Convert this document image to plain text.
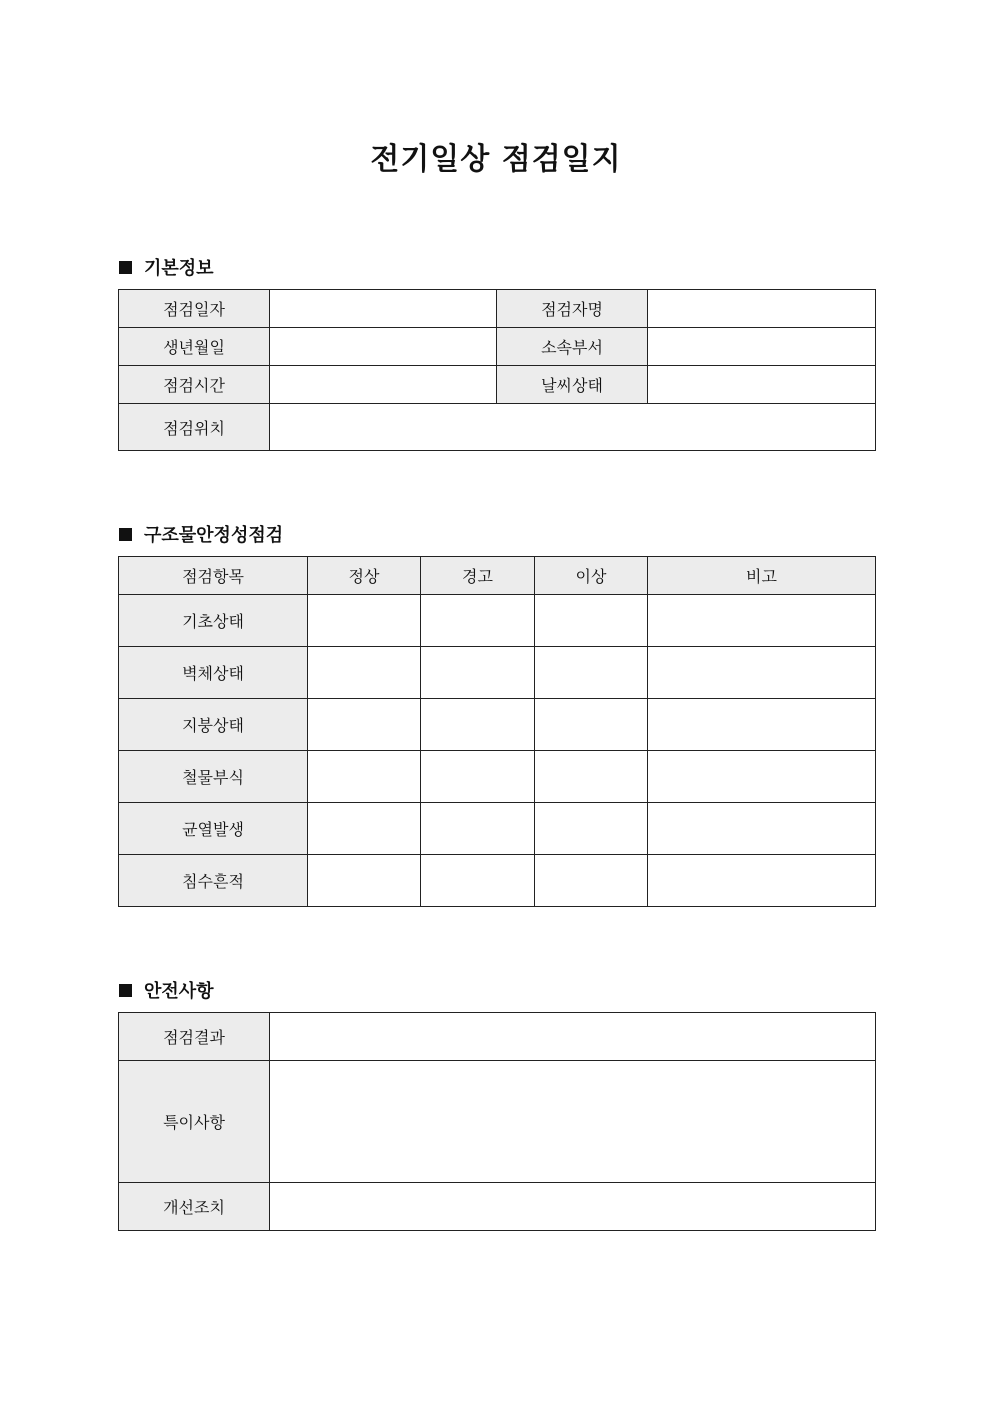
전기일상 점검일지
기본정보
점검일자		점검자명	
생년월일		소속부서	
점검시간		날씨상태	
점검위치			
구조물안정성점검
점검항목	정상	경고	이상	비고
기초상태				
벽체상태				
지붕상태				
철물부식				
균열발생				
침수흔적				
안전사항
점검결과	
특이사항	
개선조치	
